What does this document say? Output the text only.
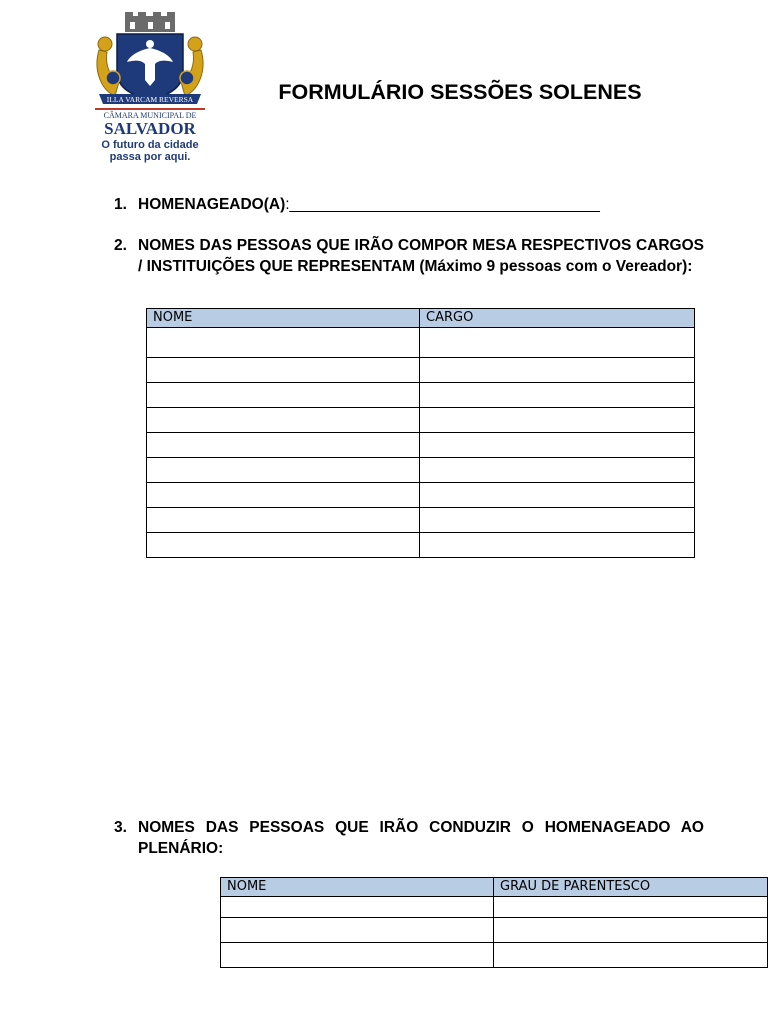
ILLA VARCAM REVERSA
CÂMARA MUNICIPAL DE
SALVADOR
O futuro da cidade
passa por aqui.
FORMULÁRIO SESSÕES SOLENES
1. HOMENAGEADO(A):____________________________________
2. NOMES DAS PESSOAS QUE IRÃO COMPOR MESA RESPECTIVOS CARGOS / INSTITUIÇÕES QUE REPRESENTAM (Máximo 9 pessoas com o Vereador):
NOME	CARGO

3. NOMES DAS PESSOAS QUE IRÃO CONDUZIR O HOMENAGEADO AO PLENÁRIO:
NOME	GRAU DE PARENTESCO
